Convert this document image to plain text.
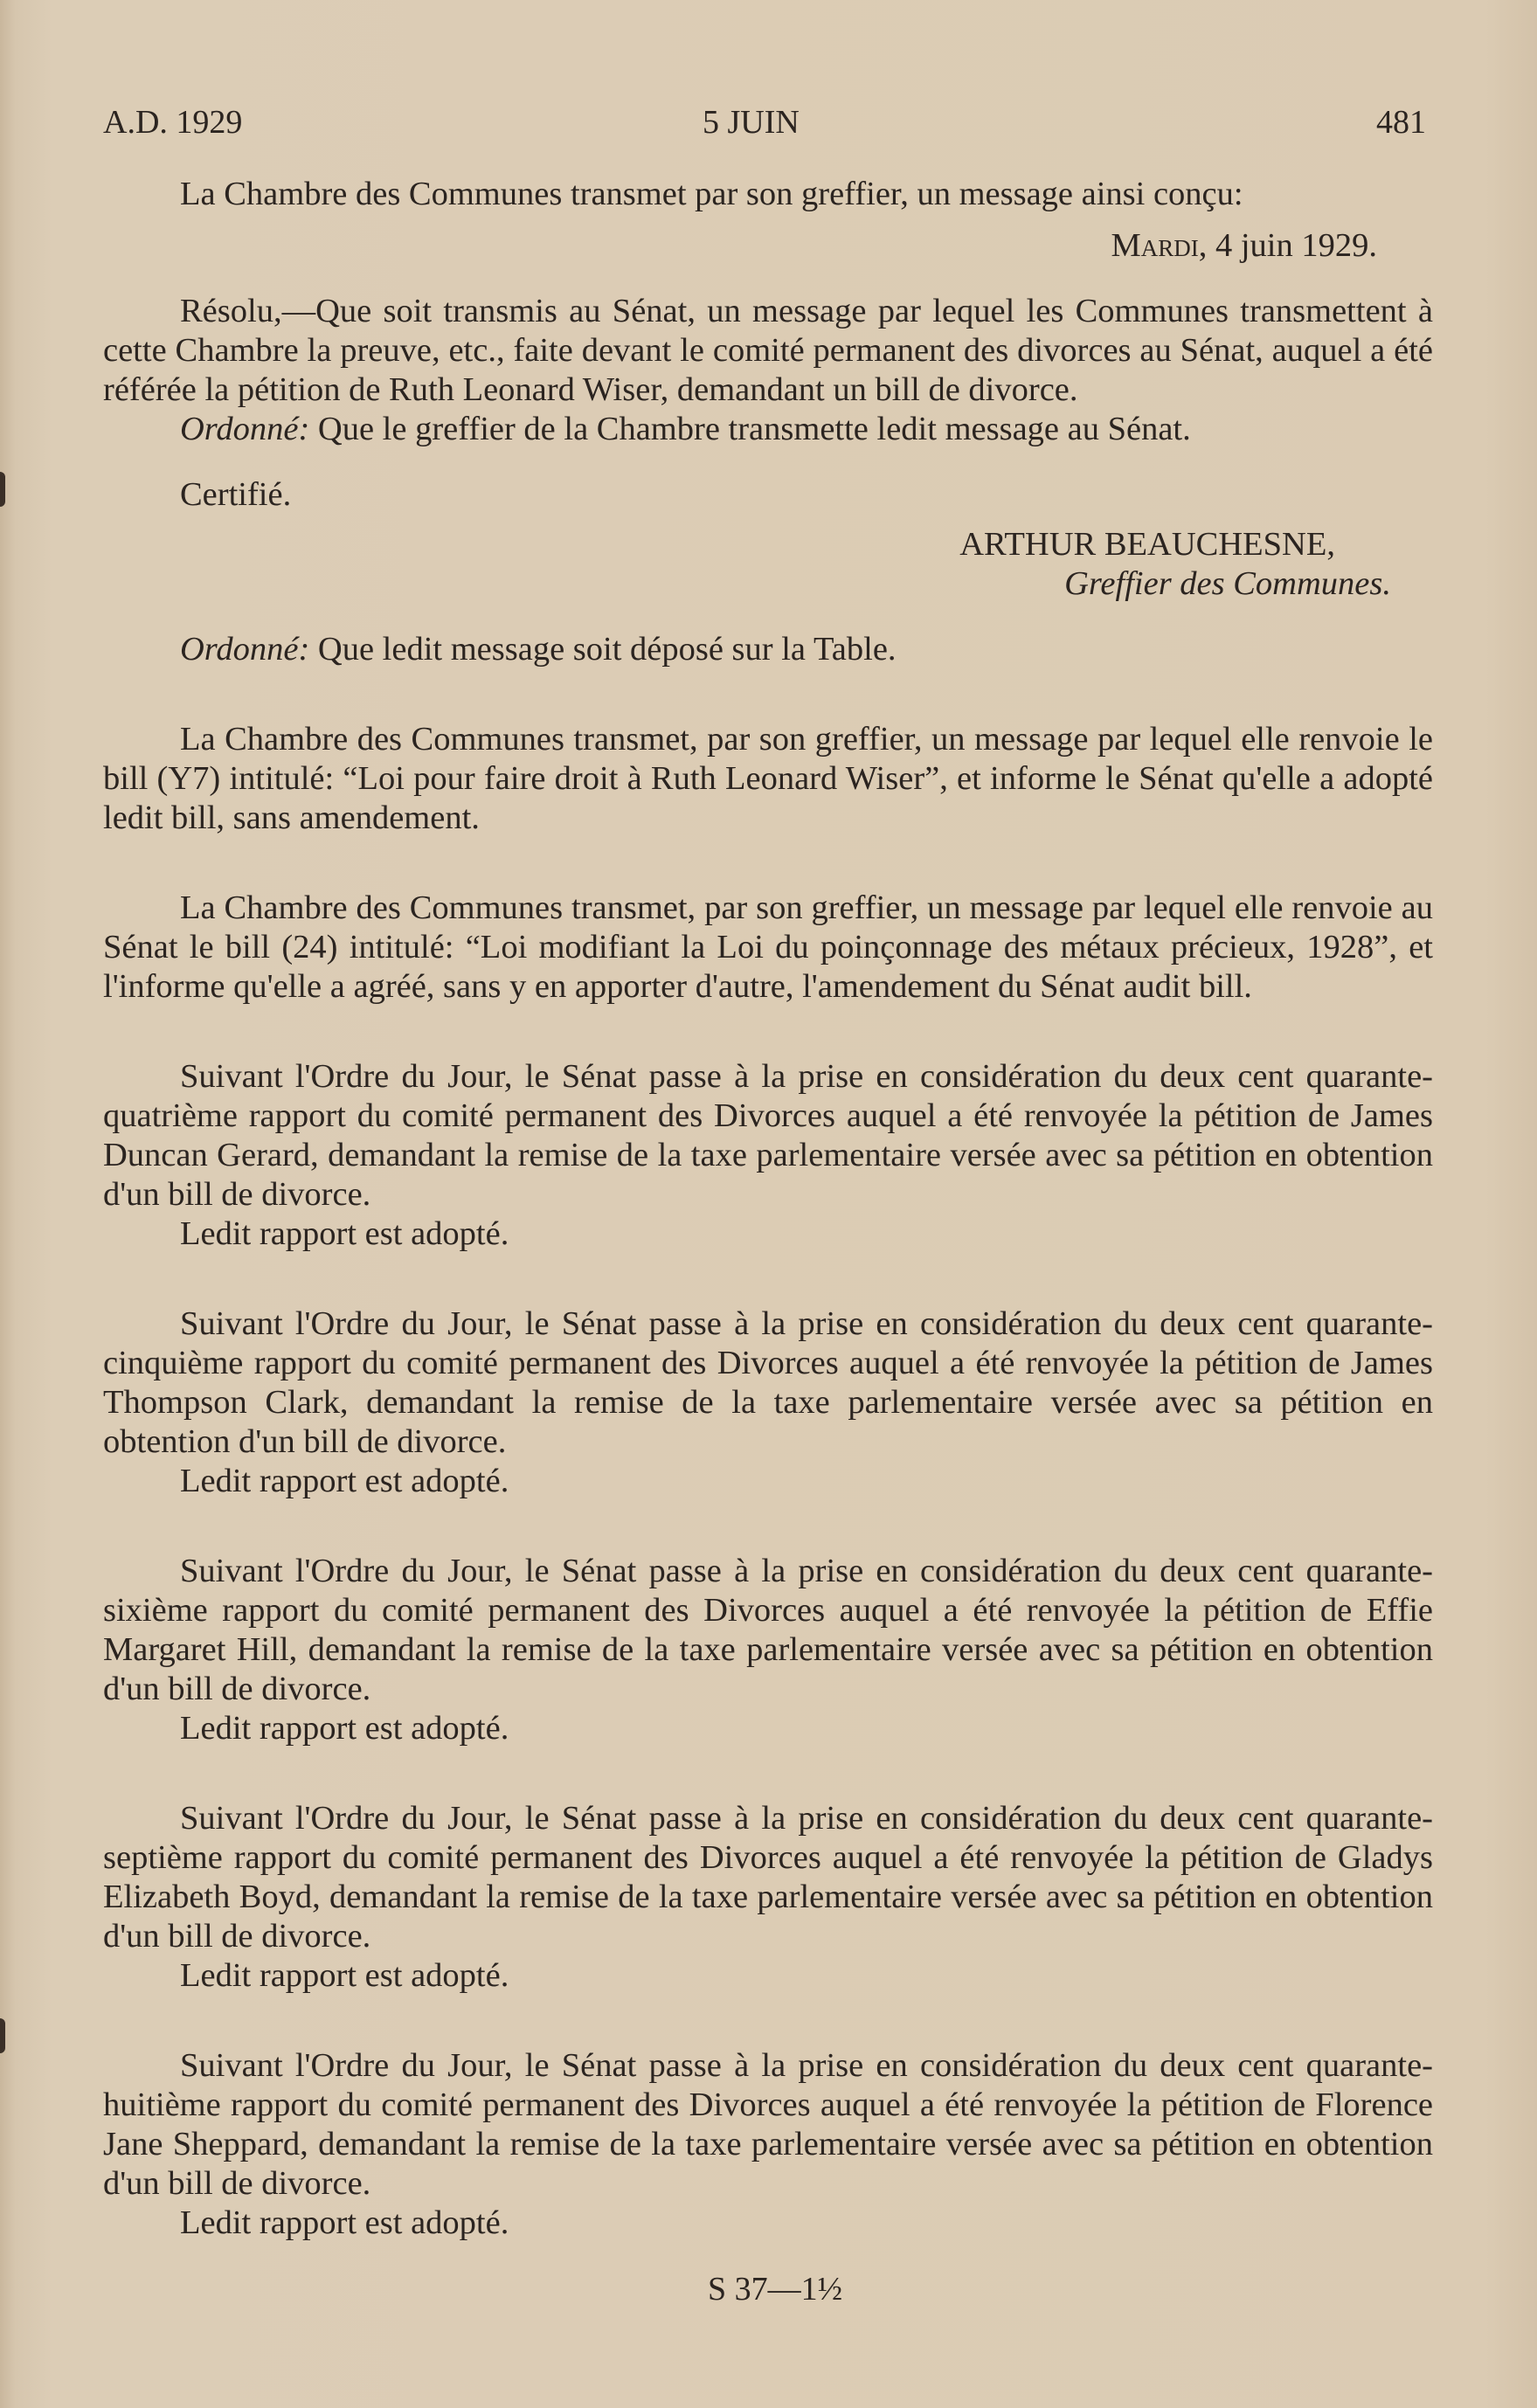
A.D. 1929	5 JUIN	481

La Chambre des Communes transmet par son greffier, un message ainsi conçu:

Mardi, 4 juin 1929.

Résolu,—Que soit transmis au Sénat, un message par lequel les Communes transmettent à cette Chambre la preuve, etc., faite devant le comité permanent des divorces au Sénat, auquel a été référée la pétition de Ruth Leonard Wiser, demandant un bill de divorce.

Ordonné: Que le greffier de la Chambre transmette ledit message au Sénat.

Certifié.

ARTHUR BEAUCHESNE,
Greffier des Communes.

Ordonné: Que ledit message soit déposé sur la Table.

La Chambre des Communes transmet, par son greffier, un message par lequel elle renvoie le bill (Y7) intitulé: “Loi pour faire droit à Ruth Leonard Wiser”, et informe le Sénat qu'elle a adopté ledit bill, sans amendement.

La Chambre des Communes transmet, par son greffier, un message par lequel elle renvoie au Sénat le bill (24) intitulé: “Loi modifiant la Loi du poinçonnage des métaux précieux, 1928”, et l'informe qu'elle a agréé, sans y en apporter d'autre, l'amendement du Sénat audit bill.

Suivant l'Ordre du Jour, le Sénat passe à la prise en considération du deux cent quarante-quatrième rapport du comité permanent des Divorces auquel a été renvoyée la pétition de James Duncan Gerard, demandant la remise de la taxe parlementaire versée avec sa pétition en obtention d'un bill de divorce.

Ledit rapport est adopté.

Suivant l'Ordre du Jour, le Sénat passe à la prise en considération du deux cent quarante-cinquième rapport du comité permanent des Divorces auquel a été renvoyée la pétition de James Thompson Clark, demandant la remise de la taxe parlementaire versée avec sa pétition en obtention d'un bill de divorce.

Ledit rapport est adopté.

Suivant l'Ordre du Jour, le Sénat passe à la prise en considération du deux cent quarante-sixième rapport du comité permanent des Divorces auquel a été renvoyée la pétition de Effie Margaret Hill, demandant la remise de la taxe parlementaire versée avec sa pétition en obtention d'un bill de divorce.

Ledit rapport est adopté.

Suivant l'Ordre du Jour, le Sénat passe à la prise en considération du deux cent quarante-septième rapport du comité permanent des Divorces auquel a été renvoyée la pétition de Gladys Elizabeth Boyd, demandant la remise de la taxe parlementaire versée avec sa pétition en obtention d'un bill de divorce.

Ledit rapport est adopté.

Suivant l'Ordre du Jour, le Sénat passe à la prise en considération du deux cent quarante-huitième rapport du comité permanent des Divorces auquel a été renvoyée la pétition de Florence Jane Sheppard, demandant la remise de la taxe parlementaire versée avec sa pétition en obtention d'un bill de divorce.

Ledit rapport est adopté.

S 37—1½
